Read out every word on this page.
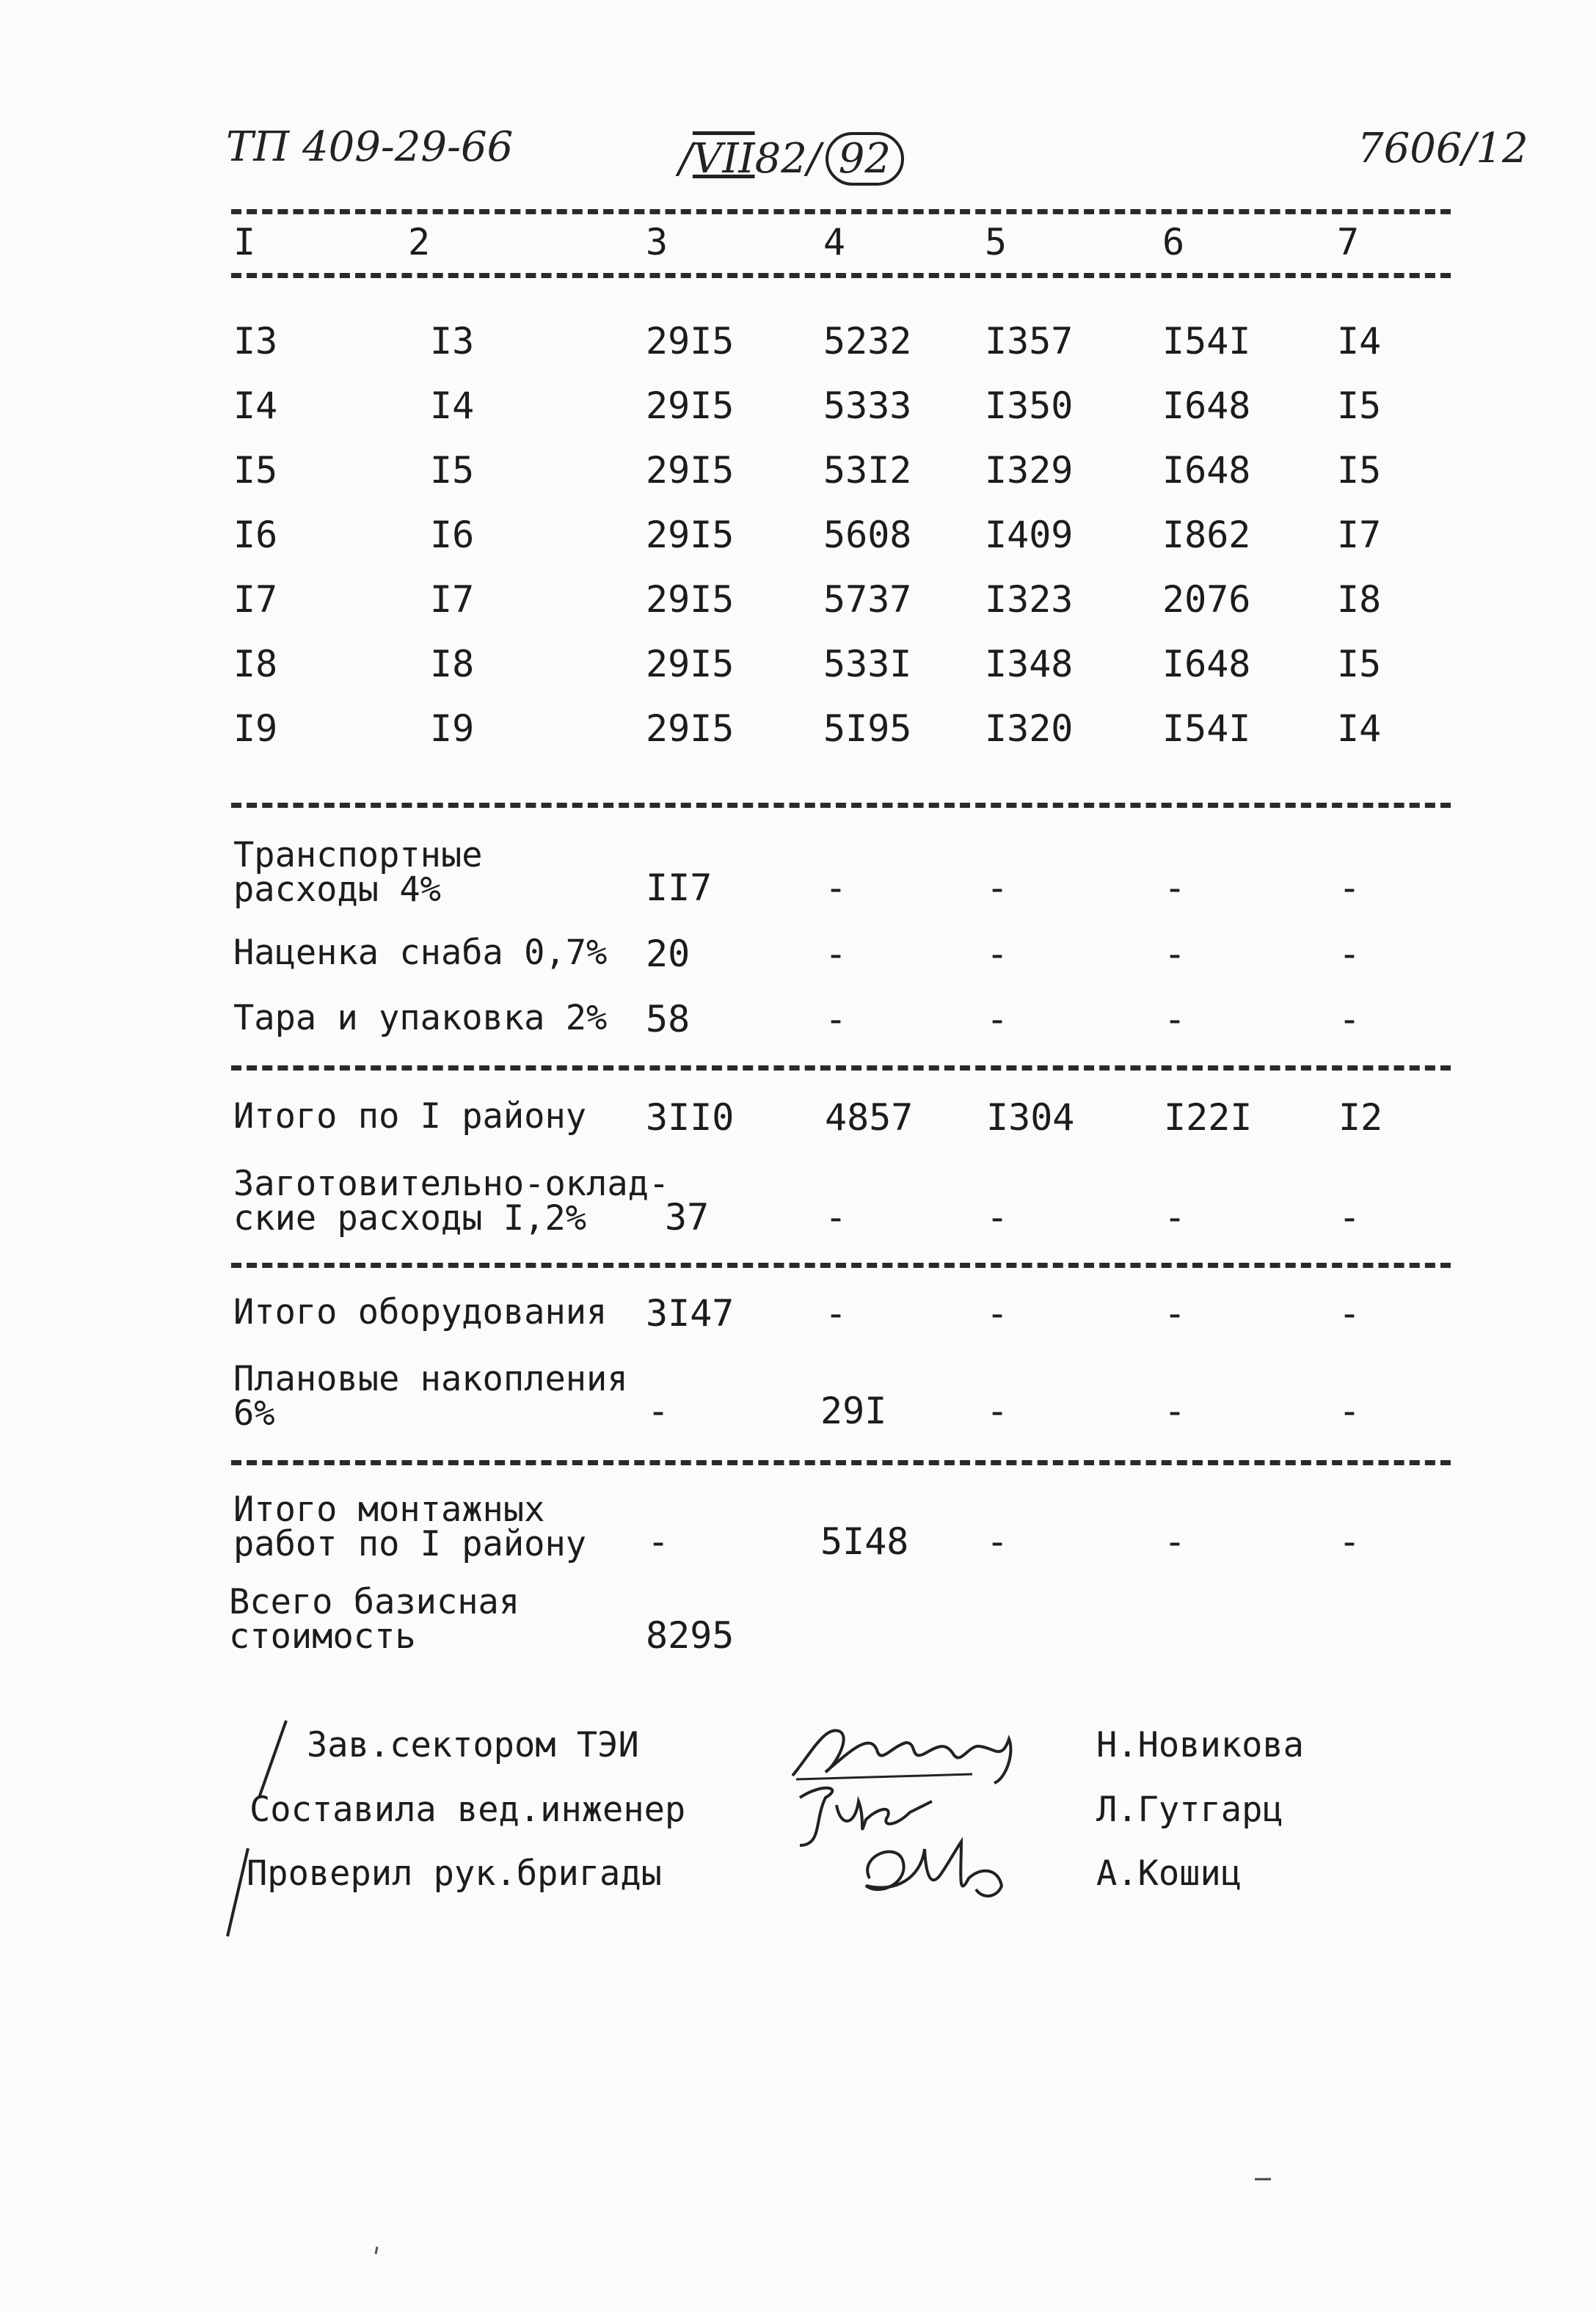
ТП 409-29-66	/VII82/ 92	7606/12
I	2	3	4	5	6	7
I3	I3	29I5 5232 I357 I54I I4
I4	I4	29I5 5333 I350 I648 I5
I5	I5	29I5 53I2 I329 I648 I5
I6	I6	29I5 5608 I409 I862 I7
I7	I7	29I5 5737 I323 2076 I8
I8	I8	29I5 533I I348 I648 I5
I9	I9	29I5 5I95 I320 I54I I4
Транспортные
расходы 4%	II7	-	-	-	-
Наценка снаба 0,7% 20	-	-	-	-
Тара и упаковка 2% 58	-	-	-	-
Итого по I району 3II0 4857 I304 I22I I2
Заготовительно-оклад-
ские расходы I,2%	37	-	-	-	-
Итого оборудования 3I47 -	-	-	-
Плановые накопления
6%	-	29I	-	-	-
Итого монтажных
работ по I району -	5I48 -	-	-
Всего базисная
стоимость	8295
Зав.сектором ТЭИ	Н.Новикова
Составила вед.инженер	Л.Гутгарц
Проверил рук.бригады	А.Кошиц
